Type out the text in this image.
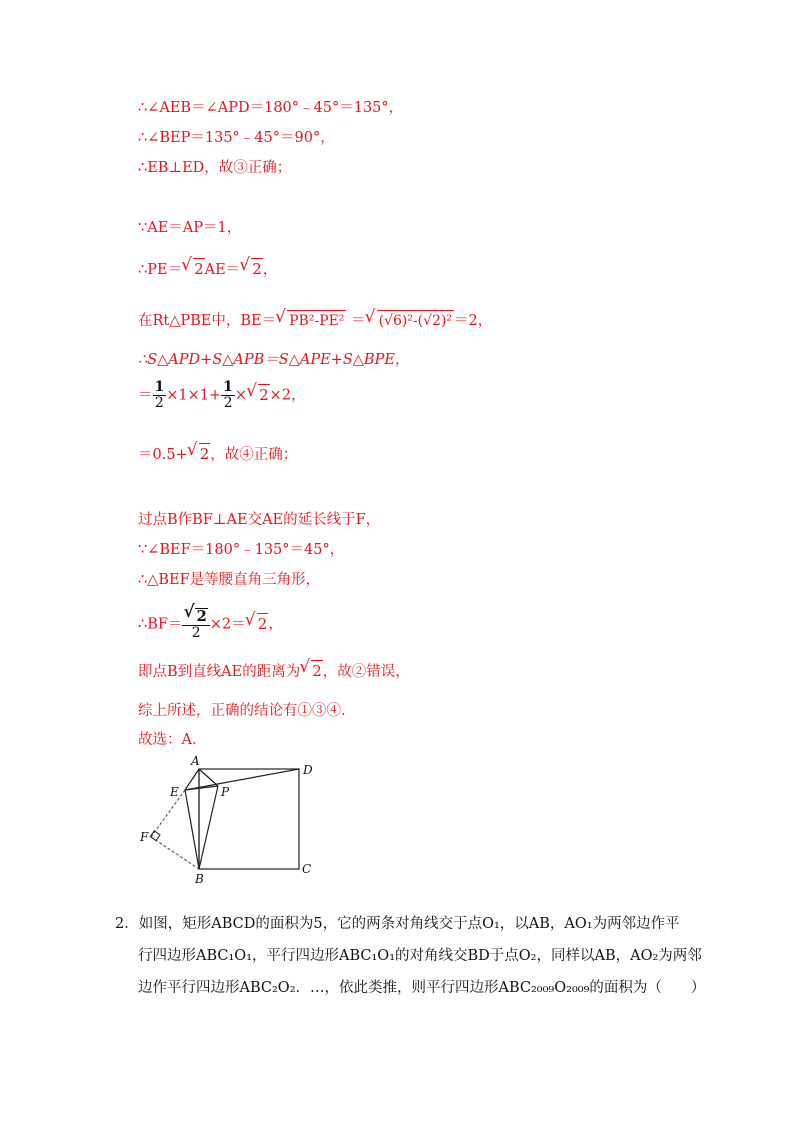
∴∠AEB＝∠APD＝180°﹣45°＝135°，
∴∠BEP＝135°﹣45°＝90°，
∴EB⊥ED，故③正确；
∵AE＝AP＝1，
∴PE＝√ 2AE＝√ 2，
在Rt△PBE中，BE＝√ PB²-PE² ＝√ (√6)²-(√2)² ＝2，
∴S△APD+S△APB＝S△APE+S△BPE，
＝ $\frac{1}{2} \times 1\times 1+ \frac{1}{2}$ ×√ 2×2，
＝0.5+√ 2，故④正确；
过点B作BF⊥AE交AE的延长线于F，
∵∠BEF＝180°﹣135°＝45°，
∴△BEF是等腰直角三角形，
∴BF＝
√ $\frac{2}{2} \times 2=√$ 2，
即点B到直线AE的距离为√ 2，故②错误，
综上所述，正确的结论有①③④．
故选：A．
A
D
E	P
F
B
C
2．如图，矩形ABCD的面积为5，它的两条对角线交于点O₁，以AB，AO₁为两邻边作平
行四边形ABC₁O₁，平行四边形ABC₁O₁的对角线交BD于点O₂，同样以AB，AO₂为两邻
边作平行四边形ABC₂O₂．…，依此类推，则平行四边形ABC₂₀₀₉O₂₀₀₉的面积为（　　）
